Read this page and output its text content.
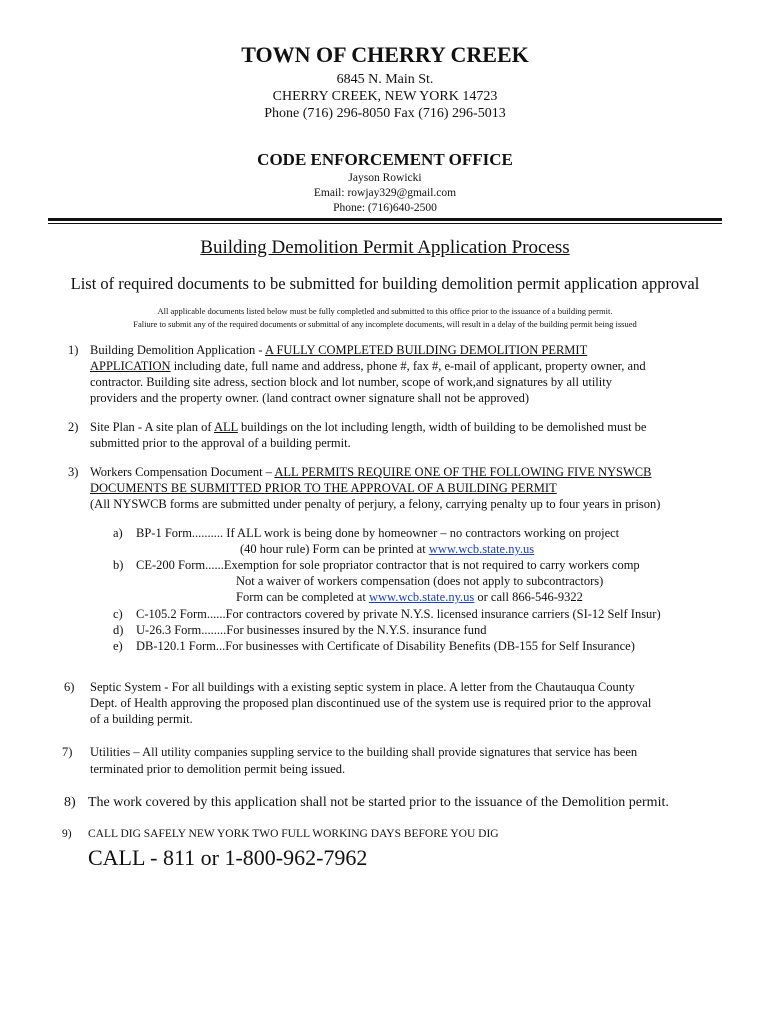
TOWN OF CHERRY CREEK
6845 N. Main St.
CHERRY CREEK, NEW YORK 14723
Phone (716) 296-8050 Fax (716) 296-5013
CODE ENFORCEMENT OFFICE
Jayson Rowicki
Email: rowjay329@gmail.com
Phone: (716)640-2500
Building Demolition Permit Application Process
List of required documents to be submitted for building demolition permit application approval
All applicable documents listed below must be fully completled and submitted to this office prior to the issuance of a building permit.
Faliure to submit any of the required documents or submittal of any incomplete documents, will result in a delay of the building permit being issued
1) Building Demolition Application - A FULLY COMPLETED BUILDING DEMOLITION PERMIT
APPLICATION including date, full name and address, phone #, fax #, e-mail of applicant, property owner, and
contractor. Building site adress, section block and lot number, scope of work,and signatures by all utility
providers and the property owner. (land contract owner signature shall not be approved)
2) Site Plan - A site plan of ALL buildings on the lot including length, width of building to be demolished must be
submitted prior to the approval of a building permit.
3) Workers Compensation Document – ALL PERMITS REQUIRE ONE OF THE FOLLOWING FIVE NYSWCB
DOCUMENTS BE SUBMITTED PRIOR TO THE APPROVAL OF A BUILDING PERMIT
(All NYSWCB forms are submitted under penalty of perjury, a felony, carrying penalty up to four years in prison)
a) BP-1 Form.......... If ALL work is being done by homeowner – no contractors working on project
(40 hour rule) Form can be printed at www.wcb.state.ny.us
b) CE-200 Form......Exemption for sole propriator contractor that is not required to carry workers comp
Not a waiver of workers compensation (does not apply to subcontractors)
Form can be completed at www.wcb.state.ny.us or call 866-546-9322
c) C-105.2 Form......For contractors covered by private N.Y.S. licensed insurance carriers (SI-12 Self Insur)
d) U-26.3 Form........For businesses insured by the N.Y.S. insurance fund
e) DB-120.1 Form...For businesses with Certificate of Disability Benefits (DB-155 for Self Insurance)
6) Septic System - For all buildings with a existing septic system in place. A letter from the Chautauqua County
Dept. of Health approving the proposed plan discontinued use of the system use is required prior to the approval
of a building permit.
7) Utilities – All utility companies suppling service to the building shall provide signatures that service has been
terminated prior to demolition permit being issued.
8) The work covered by this application shall not be started prior to the issuance of the Demolition permit.
9) CALL DIG SAFELY NEW YORK TWO FULL WORKING DAYS BEFORE YOU DIG
CALL - 811 or 1-800-962-7962
